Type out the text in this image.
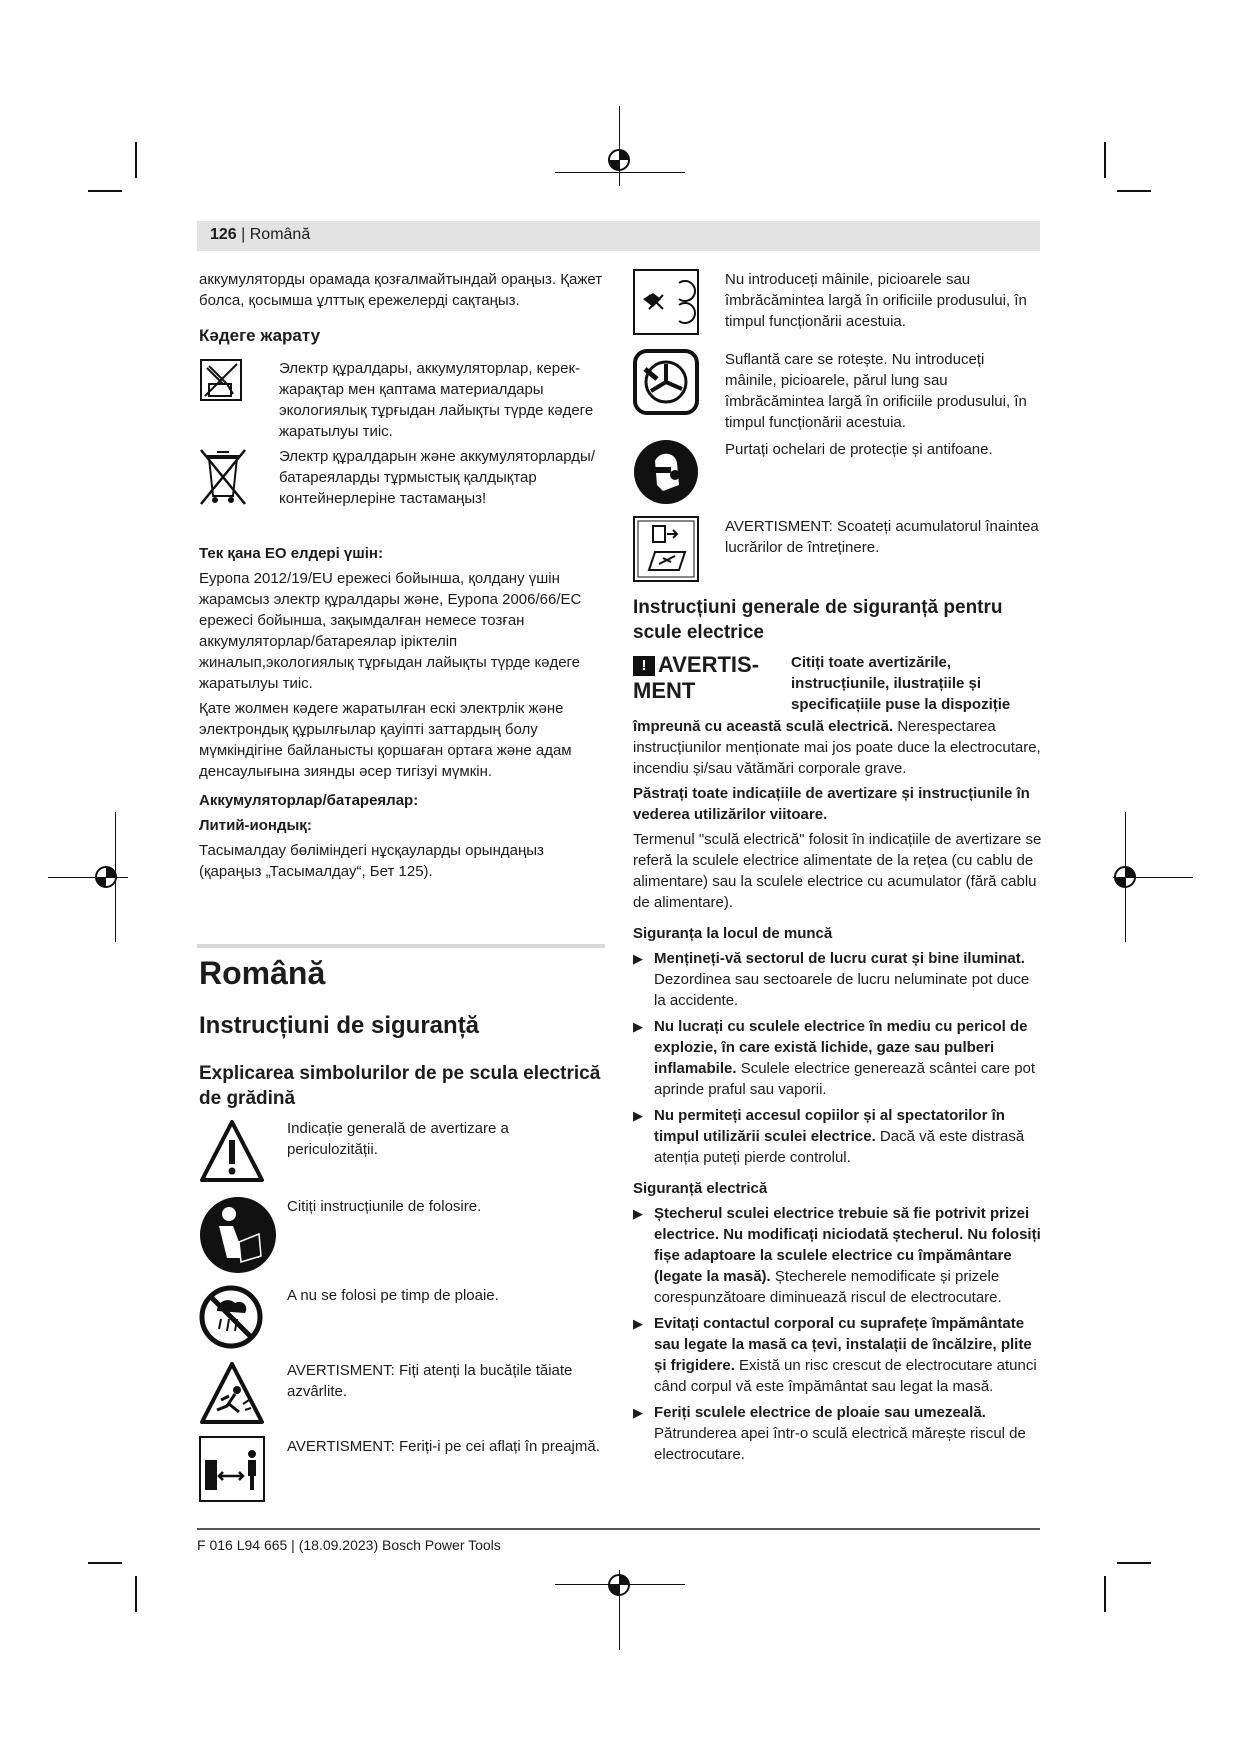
126 | Română

аккумуляторды орамада қозғалмайтындай ораңыз. Қажет болса, қосымша ұлттық ережелерді сақтаңыз.

Кәдеге жарату
Электр құралдары, аккумуляторлар, керек-жарақтар мен қаптама материалдары экологиялық тұрғыдан лайықты түрде кәдеге жаратылуы тиіс.
Электр құралдарын және аккумуляторларды/батареяларды тұрмыстық қалдықтар контейнерлеріне тастамаңыз!

Тек қана ЕО елдері үшін:

Еуропа 2012/19/EU ережесі бойынша, қолдану үшін жарамсыз электр құралдары және, Еуропа 2006/66/EC ережесі бойынша, зақымдалған немесе тозған аккумуляторлар/батареялар іріктеліп жиналып,экологиялық тұрғыдан лайықты түрде кәдеге жаратылуы тиіс.

Қате жолмен кәдеге жаратылған ескі электрлік және электрондық құрылғылар қауіпті заттардың болу мүмкіндігіне байланысты қоршаған ортаға және адам денсаулығына зиянды әсер тигізуі мүмкін.

Аккумуляторлар/батареялар:

Литий-иондық:

Тасымалдау бөліміндегі нұсқауларды орындаңыз (қараңыз „Тасымалдау“, Бет 125).

Română
Instrucțiuni de siguranță
Explicarea simbolurilor de pe scula electrică de grădină
Indicație generală de avertizare a periculozității.
Citiți instrucțiunile de folosire.
A nu se folosi pe timp de ploaie.
AVERTISMENT: Fiți atenți la bucățile tăiate azvârlite.
AVERTISMENT: Feriți-i pe cei aflați în preajmă.
Nu introduceți mâinile, picioarele sau îmbrăcămintea largă în orificiile produsului, în timpul funcționării acestuia.
Suflantă care se rotește. Nu introduceți mâinile, picioarele, părul lung sau îmbrăcămintea largă în orificiile produsului, în timpul funcționării acestuia.
Purtați ochelari de protecție și antifoane.
AVERTISMENT: Scoateți acumulatorul înaintea lucrărilor de întreținere.
Instrucțiuni generale de siguranță pentru scule electrice
! AVERTIS-MENT
Citiți toate avertizările, instrucțiunile, ilustrațiile și specificațiile puse la dispoziție

împreună cu această sculă electrică. Nerespectarea instrucțiunilor menționate mai jos poate duce la electrocutare, incendiu și/sau vătămări corporale grave.

Păstrați toate indicațiile de avertizare și instrucțiunile în vederea utilizărilor viitoare.

Termenul "sculă electrică" folosit în indicațiile de avertizare se referă la sculele electrice alimentate de la rețea (cu cablu de alimentare) sau la sculele electrice cu acumulator (fără cablu de alimentare).

Siguranța la locul de muncă

▶ Mențineți-vă sectorul de lucru curat și bine iluminat. Dezordinea sau sectoarele de lucru neluminate pot duce la accidente.
▶ Nu lucrați cu sculele electrice în mediu cu pericol de explozie, în care există lichide, gaze sau pulberi inflamabile. Sculele electrice generează scântei care pot aprinde praful sau vaporii.
▶ Nu permiteți accesul copiilor și al spectatorilor în timpul utilizării sculei electrice. Dacă vă este distrasă atenția puteți pierde controlul.

Siguranță electrică

▶ Ștecherul sculei electrice trebuie să fie potrivit prizei electrice. Nu modificați niciodată ștecherul. Nu folosiți fișe adaptoare la sculele electrice cu împământare (legate la masă). Ștecherele nemodificate și prizele corespunzătoare diminuează riscul de electrocutare.
▶ Evitați contactul corporal cu suprafețe împământate sau legate la masă ca țevi, instalații de încălzire, plite și frigidere. Există un risc crescut de electrocutare atunci când corpul vă este împământat sau legat la masă.
▶ Feriți sculele electrice de ploaie sau umezeală. Pătrunderea apei într-o sculă electrică mărește riscul de electrocutare.
F 016 L94 665 | (18.09.2023) Bosch Power Tools
